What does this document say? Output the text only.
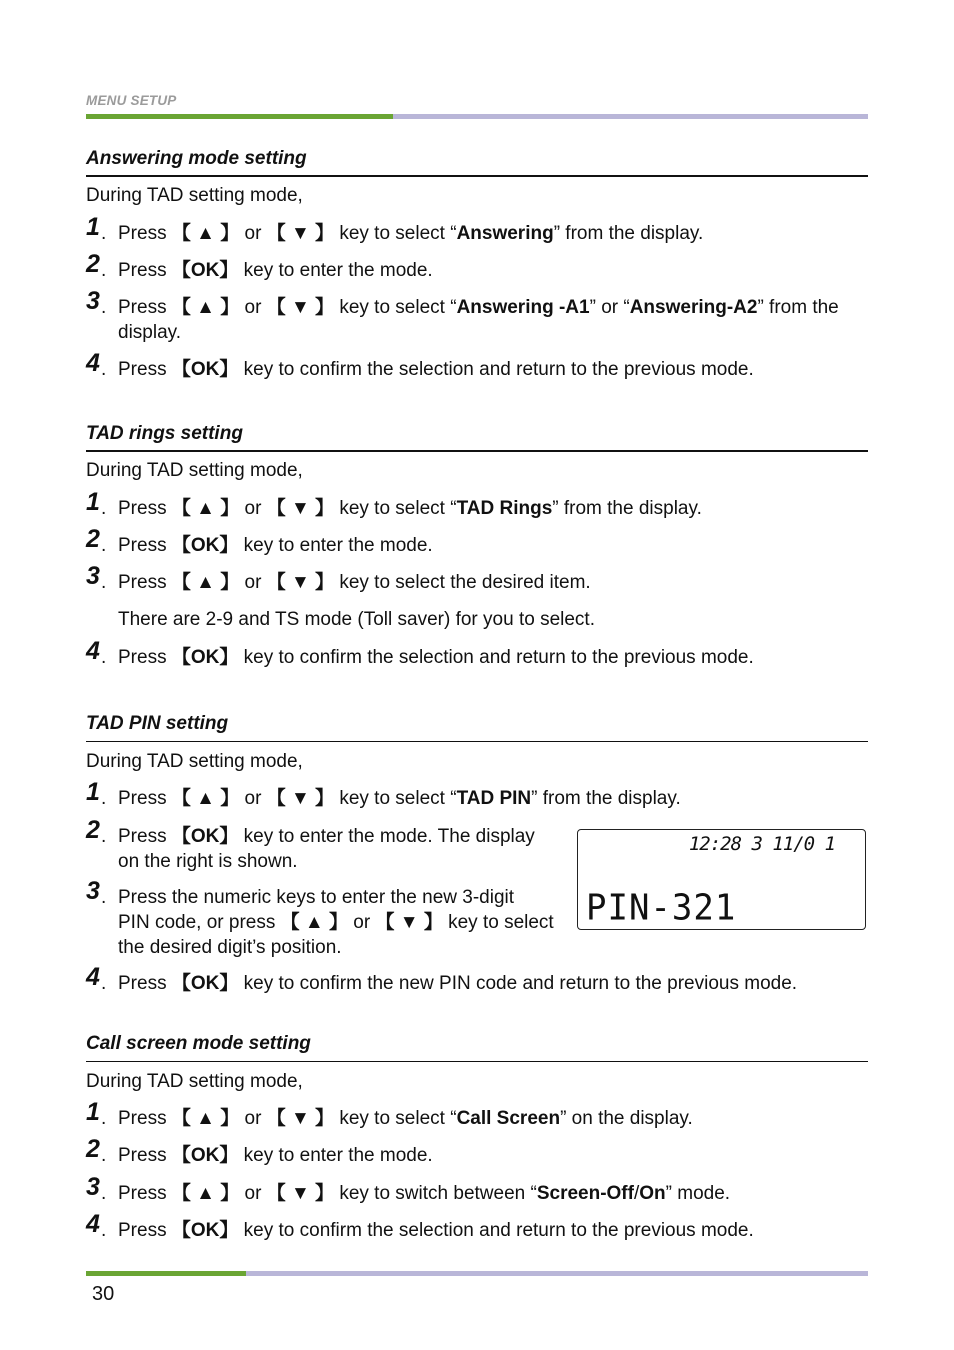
MENU SETUP
Answering mode setting
During TAD setting mode,
1 . Press 【 ▲ 】 or 【 ▼ 】 key to select “Answering” from the display.
2 . Press 【OK】 key to enter the mode.
3 . Press 【 ▲ 】 or 【 ▼ 】 key to select “Answering -A1” or “Answering-A2” from the
display.
4 . Press 【OK】 key to confirm the selection and return to the previous mode.
TAD rings setting
During TAD setting mode,
1 . Press 【 ▲ 】 or 【 ▼ 】 key to select “TAD Rings” from the display.
2 . Press 【OK】 key to enter the mode.
3 . Press 【 ▲ 】 or 【 ▼ 】 key to select the desired item.
There are 2-9 and TS mode (Toll saver) for you to select.
4 . Press 【OK】 key to confirm the selection and return to the previous mode.
TAD PIN setting
During TAD setting mode,
1 . Press 【 ▲ 】 or 【 ▼ 】 key to select “TAD PIN” from the display.
2 . Press 【OK】 key to enter the mode. The display
on the right is shown.
3 . Press the numeric keys to enter the new 3-digit
PIN code, or press 【 ▲ 】 or 【 ▼ 】 key to select
the desired digit’s position.
4 . Press 【OK】 key to confirm the new PIN code and return to the previous mode.
12:28 3 11/0 1
PIN-321
Call screen mode setting
During TAD setting mode,
1 . Press 【 ▲ 】 or 【 ▼ 】 key to select “Call Screen” on the display.
2 . Press 【OK】 key to enter the mode.
3 . Press 【 ▲ 】 or 【 ▼ 】 key to switch between “Screen-Off/On” mode.
4 . Press 【OK】 key to confirm the selection and return to the previous mode.
30
